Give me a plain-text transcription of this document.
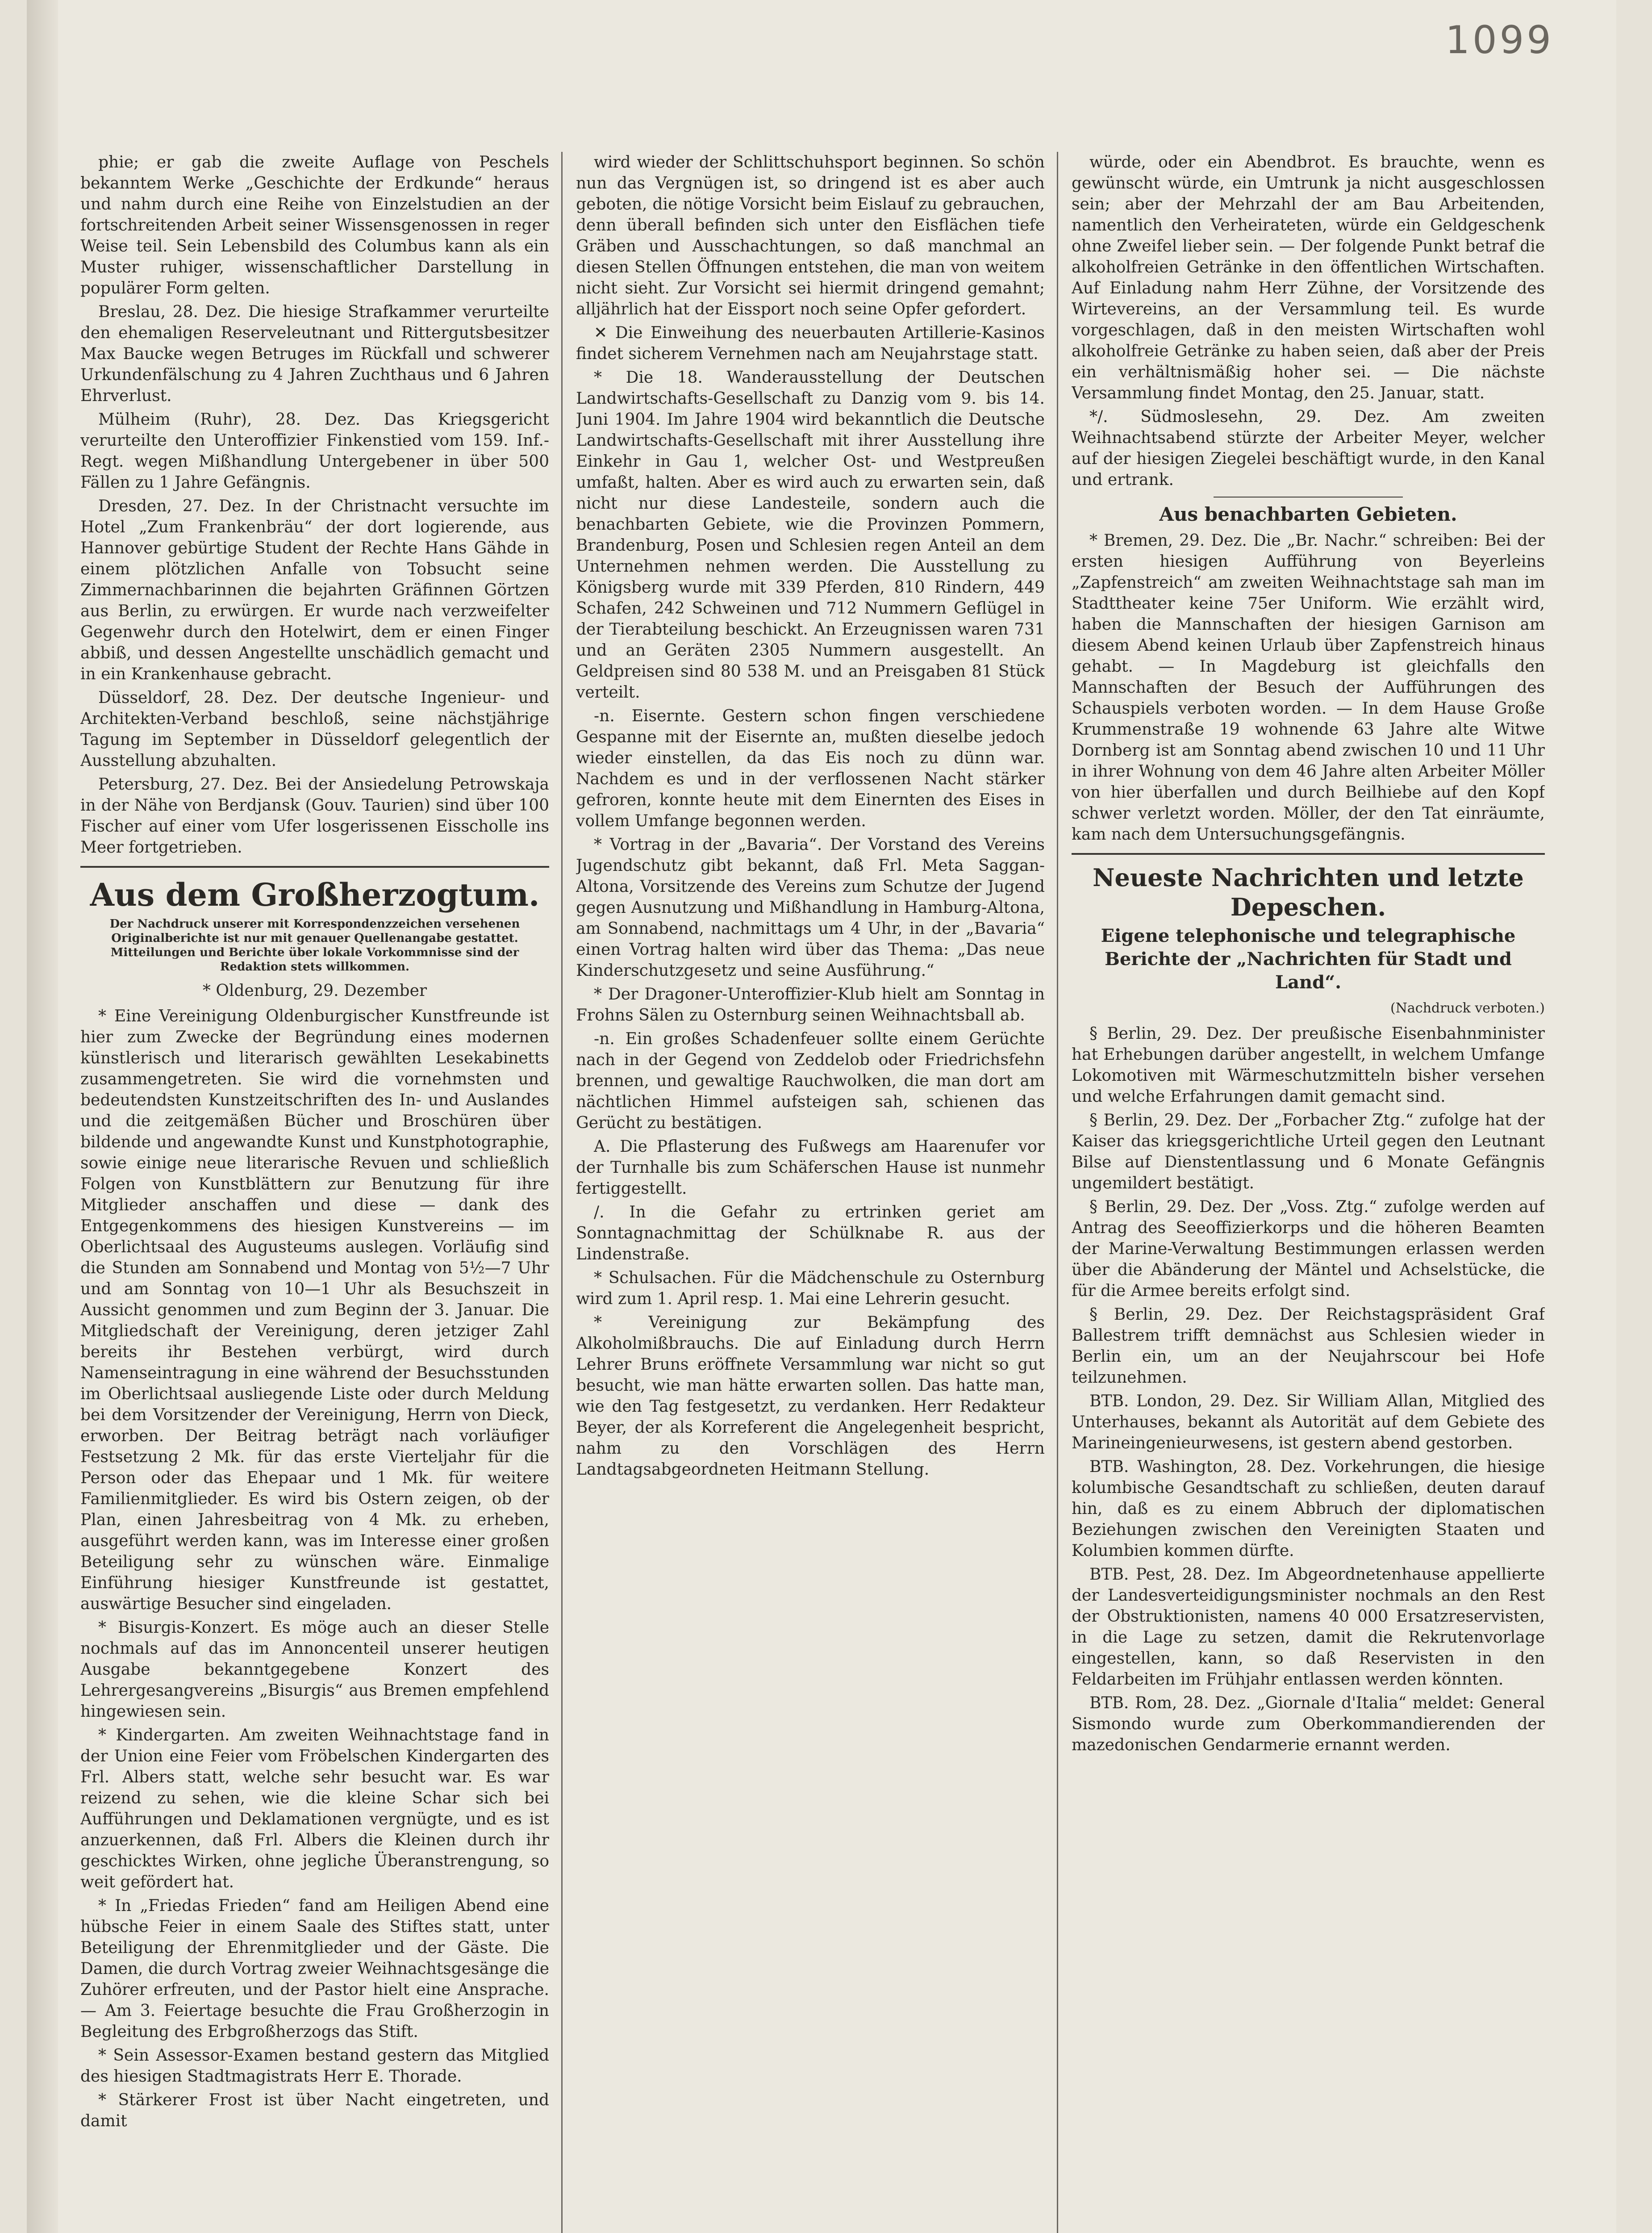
1099

phie; er gab die zweite Auflage von Peschels bekanntem Werke „Geschichte der Erdkunde“ heraus und nahm durch eine Reihe von Einzelstudien an der fortschreitenden Arbeit seiner Wissensgenossen in reger Weise teil. Sein Lebensbild des Columbus kann als ein Muster ruhiger, wissenschaftlicher Darstellung in populärer Form gelten.

Breslau, 28. Dez. Die hiesige Strafkammer verurteilte den ehemaligen Reserveleutnant und Rittergutsbesitzer Max Baucke wegen Betruges im Rückfall und schwerer Urkundenfälschung zu 4 Jahren Zuchthaus und 6 Jahren Ehrverlust.

Mülheim (Ruhr), 28. Dez. Das Kriegsgericht verurteilte den Unteroffizier Finkenstied vom 159. Inf.-Regt. wegen Mißhandlung Untergebener in über 500 Fällen zu 1 Jahre Gefängnis.

Dresden, 27. Dez. In der Christnacht versuchte im Hotel „Zum Frankenbräu“ der dort logierende, aus Hannover gebürtige Student der Rechte Hans Gähde in einem plötzlichen Anfalle von Tobsucht seine Zimmernachbarinnen die bejahrten Gräfinnen Görtzen aus Berlin, zu erwürgen. Er wurde nach verzweifelter Gegenwehr durch den Hotelwirt, dem er einen Finger abbiß, und dessen Angestellte unschädlich gemacht und in ein Krankenhause gebracht.

Düsseldorf, 28. Dez. Der deutsche Ingenieur- und Architekten-Verband beschloß, seine nächstjährige Tagung im September in Düsseldorf gelegentlich der Ausstellung abzuhalten.

Petersburg, 27. Dez. Bei der Ansiedelung Petrowskaja in der Nähe von Berdjansk (Gouv. Taurien) sind über 100 Fischer auf einer vom Ufer losgerissenen Eisscholle ins Meer fortgetrieben.

Aus dem Großherzogtum.
Der Nachdruck unserer mit Korrespondenzzeichen versehenen Originalberichte ist nur mit genauer Quellenangabe gestattet. Mitteilungen und Berichte über lokale Vorkommnisse sind der Redaktion stets willkommen.
* Oldenburg, 29. Dezember

* Eine Vereinigung Oldenburgischer Kunstfreunde ist hier zum Zwecke der Begründung eines modernen künstlerisch und literarisch gewählten Lesekabinetts zusammengetreten. Sie wird die vornehmsten und bedeutendsten Kunstzeitschriften des In- und Auslandes und die zeitgemäßen Bücher und Broschüren über bildende und angewandte Kunst und Kunstphotographie, sowie einige neue literarische Revuen und schließlich Folgen von Kunstblättern zur Benutzung für ihre Mitglieder anschaffen und diese — dank des Entgegenkommens des hiesigen Kunstvereins — im Oberlichtsaal des Augusteums auslegen. Vorläufig sind die Stunden am Sonnabend und Montag von 5½—7 Uhr und am Sonntag von 10—1 Uhr als Besuchszeit in Aussicht genommen und zum Beginn der 3. Januar. Die Mitgliedschaft der Vereinigung, deren jetziger Zahl bereits ihr Bestehen verbürgt, wird durch Namenseintragung in eine während der Besuchsstunden im Oberlichtsaal ausliegende Liste oder durch Meldung bei dem Vorsitzender der Vereinigung, Herrn von Dieck, erworben. Der Beitrag beträgt nach vorläufiger Festsetzung 2 Mk. für das erste Vierteljahr für die Person oder das Ehepaar und 1 Mk. für weitere Familienmitglieder. Es wird bis Ostern zeigen, ob der Plan, einen Jahresbeitrag von 4 Mk. zu erheben, ausgeführt werden kann, was im Interesse einer großen Beteiligung sehr zu wünschen wäre. Einmalige Einführung hiesiger Kunstfreunde ist gestattet, auswärtige Besucher sind eingeladen.

* Bisurgis-Konzert. Es möge auch an dieser Stelle nochmals auf das im Annoncenteil unserer heutigen Ausgabe bekanntgegebene Konzert des Lehrergesangvereins „Bisurgis“ aus Bremen empfehlend hingewiesen sein.

* Kindergarten. Am zweiten Weihnachtstage fand in der Union eine Feier vom Fröbelschen Kindergarten des Frl. Albers statt, welche sehr besucht war. Es war reizend zu sehen, wie die kleine Schar sich bei Aufführungen und Deklamationen vergnügte, und es ist anzuerkennen, daß Frl. Albers die Kleinen durch ihr geschicktes Wirken, ohne jegliche Überanstrengung, so weit gefördert hat.

* In „Friedas Frieden“ fand am Heiligen Abend eine hübsche Feier in einem Saale des Stiftes statt, unter Beteiligung der Ehrenmitglieder und der Gäste. Die Damen, die durch Vortrag zweier Weihnachtsgesänge die Zuhörer erfreuten, und der Pastor hielt eine Ansprache. — Am 3. Feiertage besuchte die Frau Großherzogin in Begleitung des Erbgroßherzogs das Stift.

* Sein Assessor-Examen bestand gestern das Mitglied des hiesigen Stadtmagistrats Herr E. Thorade.

* Stärkerer Frost ist über Nacht eingetreten, und damit

wird wieder der Schlittschuhsport beginnen. So schön nun das Vergnügen ist, so dringend ist es aber auch geboten, die nötige Vorsicht beim Eislauf zu gebrauchen, denn überall befinden sich unter den Eisflächen tiefe Gräben und Ausschachtungen, so daß manchmal an diesen Stellen Öffnungen entstehen, die man von weitem nicht sieht. Zur Vorsicht sei hiermit dringend gemahnt; alljährlich hat der Eissport noch seine Opfer gefordert.

✕ Die Einweihung des neuerbauten Artillerie-Kasinos findet sicherem Vernehmen nach am Neujahrstage statt.

* Die 18. Wanderausstellung der Deutschen Landwirtschafts-Gesellschaft zu Danzig vom 9. bis 14. Juni 1904. Im Jahre 1904 wird bekanntlich die Deutsche Landwirtschafts-Gesellschaft mit ihrer Ausstellung ihre Einkehr in Gau 1, welcher Ost- und Westpreußen umfaßt, halten. Aber es wird auch zu erwarten sein, daß nicht nur diese Landesteile, sondern auch die benachbarten Gebiete, wie die Provinzen Pommern, Brandenburg, Posen und Schlesien regen Anteil an dem Unternehmen nehmen werden. Die Ausstellung zu Königsberg wurde mit 339 Pferden, 810 Rindern, 449 Schafen, 242 Schweinen und 712 Nummern Geflügel in der Tierabteilung beschickt. An Erzeugnissen waren 731 und an Geräten 2305 Nummern ausgestellt. An Geldpreisen sind 80 538 M. und an Preisgaben 81 Stück verteilt.

-n. Eisernte. Gestern schon fingen verschiedene Gespanne mit der Eisernte an, mußten dieselbe jedoch wieder einstellen, da das Eis noch zu dünn war. Nachdem es und in der verflossenen Nacht stärker gefroren, konnte heute mit dem Einernten des Eises in vollem Umfange begonnen werden.

* Vortrag in der „Bavaria“. Der Vorstand des Vereins Jugendschutz gibt bekannt, daß Frl. Meta Saggan-Altona, Vorsitzende des Vereins zum Schutze der Jugend gegen Ausnutzung und Mißhandlung in Hamburg-Altona, am Sonnabend, nachmittags um 4 Uhr, in der „Bavaria“ einen Vortrag halten wird über das Thema: „Das neue Kinderschutzgesetz und seine Ausführung.“

* Der Dragoner-Unteroffizier-Klub hielt am Sonntag in Frohns Sälen zu Osternburg seinen Weihnachtsball ab.

-n. Ein großes Schadenfeuer sollte einem Gerüchte nach in der Gegend von Zeddelob oder Friedrichsfehn brennen, und gewaltige Rauchwolken, die man dort am nächtlichen Himmel aufsteigen sah, schienen das Gerücht zu bestätigen.

A. Die Pflasterung des Fußwegs am Haarenufer vor der Turnhalle bis zum Schäferschen Hause ist nunmehr fertiggestellt.

/. In die Gefahr zu ertrinken geriet am Sonntagnachmittag der Schülknabe R. aus der Lindenstraße.

* Schulsachen. Für die Mädchenschule zu Osternburg wird zum 1. April resp. 1. Mai eine Lehrerin gesucht.

* Vereinigung zur Bekämpfung des Alkoholmißbrauchs. Die auf Einladung durch Herrn Lehrer Bruns eröffnete Versammlung war nicht so gut besucht, wie man hätte erwarten sollen. Das hatte man, wie den Tag festgesetzt, zu verdanken. Herr Redakteur Beyer, der als Korreferent die Angelegenheit bespricht, nahm zu den Vorschlägen des Herrn Landtagsabgeordneten Heitmann Stellung.

würde, oder ein Abendbrot. Es brauchte, wenn es gewünscht würde, ein Umtrunk ja nicht ausgeschlossen sein; aber der Mehrzahl der am Bau Arbeitenden, namentlich den Verheirateten, würde ein Geldgeschenk ohne Zweifel lieber sein. — Der folgende Punkt betraf die alkoholfreien Getränke in den öffentlichen Wirtschaften. Auf Einladung nahm Herr Zühne, der Vorsitzende des Wirtevereins, an der Versammlung teil. Es wurde vorgeschlagen, daß in den meisten Wirtschaften wohl alkoholfreie Getränke zu haben seien, daß aber der Preis ein verhältnismäßig hoher sei. — Die nächste Versammlung findet Montag, den 25. Januar, statt.

*/. Südmoslesehn, 29. Dez. Am zweiten Weihnachtsabend stürzte der Arbeiter Meyer, welcher auf der hiesigen Ziegelei beschäftigt wurde, in den Kanal und ertrank.

Aus benachbarten Gebieten.

* Bremen, 29. Dez. Die „Br. Nachr.“ schreiben: Bei der ersten hiesigen Aufführung von Beyerleins „Zapfenstreich“ am zweiten Weihnachtstage sah man im Stadttheater keine 75er Uniform. Wie erzählt wird, haben die Mannschaften der hiesigen Garnison am diesem Abend keinen Urlaub über Zapfenstreich hinaus gehabt. — In Magdeburg ist gleichfalls den Mannschaften der Besuch der Aufführungen des Schauspiels verboten worden. — In dem Hause Große Krummenstraße 19 wohnende 63 Jahre alte Witwe Dornberg ist am Sonntag abend zwischen 10 und 11 Uhr in ihrer Wohnung von dem 46 Jahre alten Arbeiter Möller von hier überfallen und durch Beilhiebe auf den Kopf schwer verletzt worden. Möller, der den Tat einräumte, kam nach dem Untersuchungsgefängnis.

Neueste Nachrichten und letzte Depeschen.
Eigene telephonische und telegraphische Berichte der „Nachrichten für Stadt und Land“.
(Nachdruck verboten.)

§ Berlin, 29. Dez. Der preußische Eisenbahnminister hat Erhebungen darüber angestellt, in welchem Umfange Lokomotiven mit Wärmeschutzmitteln bisher versehen und welche Erfahrungen damit gemacht sind.

§ Berlin, 29. Dez. Der „Forbacher Ztg.“ zufolge hat der Kaiser das kriegsgerichtliche Urteil gegen den Leutnant Bilse auf Dienstentlassung und 6 Monate Gefängnis ungemildert bestätigt.

§ Berlin, 29. Dez. Der „Voss. Ztg.“ zufolge werden auf Antrag des Seeoffizierkorps und die höheren Beamten der Marine-Verwaltung Bestimmungen erlassen werden über die Abänderung der Mäntel und Achselstücke, die für die Armee bereits erfolgt sind.

§ Berlin, 29. Dez. Der Reichstagspräsident Graf Ballestrem trifft demnächst aus Schlesien wieder in Berlin ein, um an der Neujahrscour bei Hofe teilzunehmen.

BTB. London, 29. Dez. Sir William Allan, Mitglied des Unterhauses, bekannt als Autorität auf dem Gebiete des Marineingenieurwesens, ist gestern abend gestorben.

BTB. Washington, 28. Dez. Vorkehrungen, die hiesige kolumbische Gesandtschaft zu schließen, deuten darauf hin, daß es zu einem Abbruch der diplomatischen Beziehungen zwischen den Vereinigten Staaten und Kolumbien kommen dürfte.

BTB. Pest, 28. Dez. Im Abgeordnetenhause appellierte der Landesverteidigungsminister nochmals an den Rest der Obstruktionisten, namens 40 000 Ersatzreservisten, in die Lage zu setzen, damit die Rekrutenvorlage eingestellen, kann, so daß Reservisten in den Feldarbeiten im Frühjahr entlassen werden könnten.

BTB. Rom, 28. Dez. „Giornale d'Italia“ meldet: General Sismondo wurde zum Oberkommandierenden der mazedonischen Gendarmerie ernannt werden.
